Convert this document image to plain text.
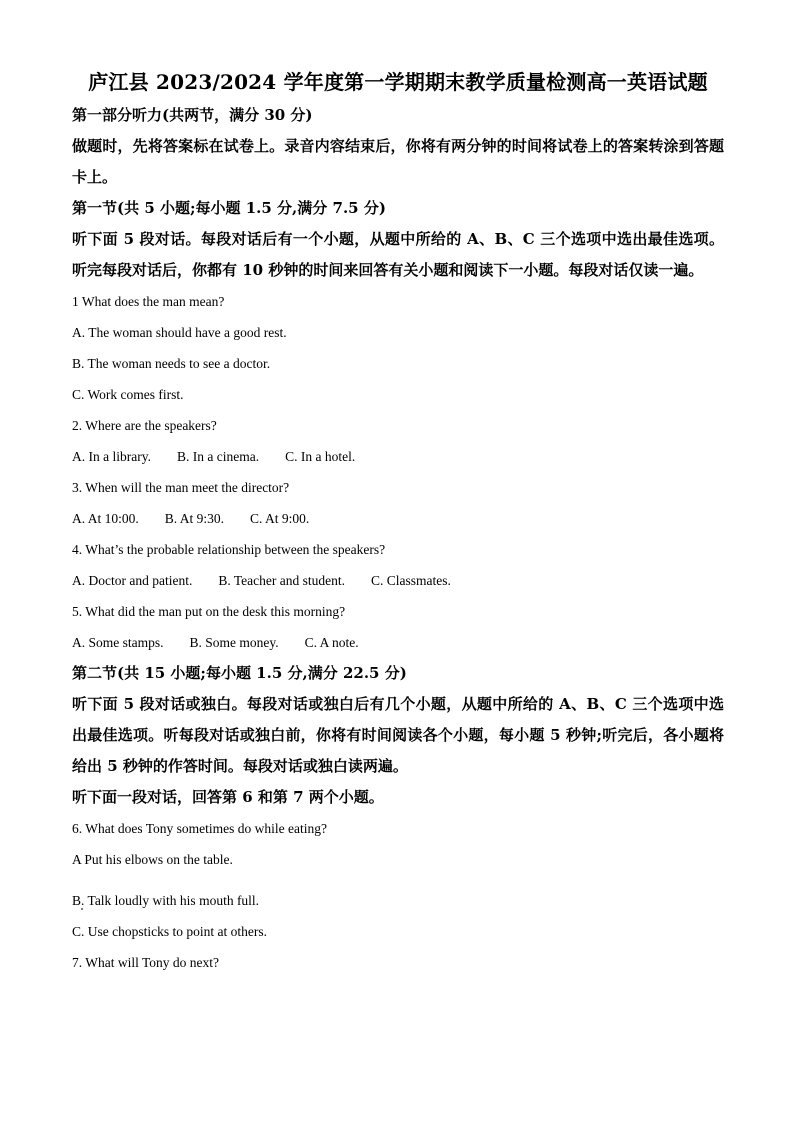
庐江县 2023/2024 学年度第一学期期末教学质量检测高一英语试题

第一部分听力(共两节，满分 30 分)

做题时，先将答案标在试卷上。录音内容结束后，你将有两分钟的时间将试卷上的答案转涂到答题卡上。

第一节(共 5 小题;每小题 1.5 分,满分 7.5 分)

听下面 5 段对话。每段对话后有一个小题，从题中所给的 A、B、C 三个选项中选出最佳选项。听完每段对话后，你都有 10 秒钟的时间来回答有关小题和阅读下一小题。每段对话仅读一遍。

1 What does the man mean?

A. The woman should have a good rest.

B. The woman needs to see a doctor.

C. Work comes first.

2. Where are the speakers?

A. In a library. B. In a cinema. C. In a hotel.

3. When will the man meet the director?

A. At 10:00. B. At 9:30. C. At 9:00.

4. What’s the probable relationship between the speakers?

A. Doctor and patient. B. Teacher and student. C. Classmates.

5. What did the man put on the desk this morning?

A. Some stamps. B. Some money. C. A note.

第二节(共 15 小题;每小题 1.5 分,满分 22.5 分)

听下面 5 段对话或独白。每段对话或独白后有几个小题，从题中所给的 A、B、C 三个选项中选出最佳选项。听每段对话或独白前，你将有时间阅读各个小题，每小题 5 秒钟;听完后，各小题将给出 5 秒钟的作答时间。每段对话或独白读两遍。

听下面一段对话，回答第 6 和第 7 两个小题。

6. What does Tony sometimes do while eating?

A Put his elbows on the table.

B. Talk loudly with his mouth full.

C. Use chopsticks to point at others.

7. What will Tony do next?
